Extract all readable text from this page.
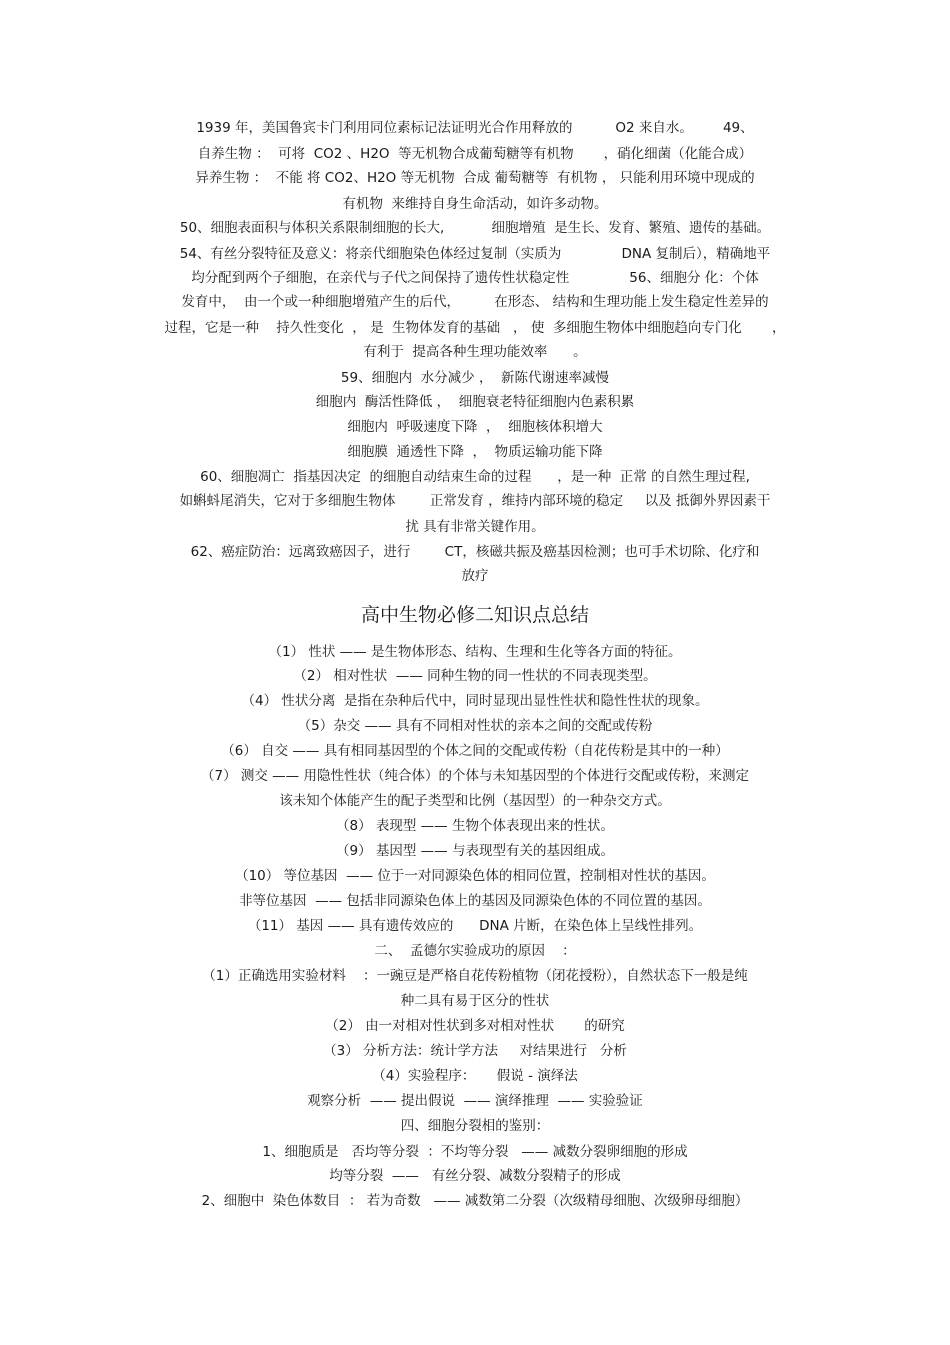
1939 年，美国鲁宾卡门利用同位素标记法证明光合作用释放的          O2 来自水。       49、
自养生物 ：  可将  CO2 、H2O  等无机物合成葡萄糖等有机物       ，硝化细菌（化能合成）
异养生物 ：  不能 将 CO2、H2O 等无机物  合成 葡萄糖等  有机物 ， 只能利用环境中现成的
有机物  来维持自身生命活动，如许多动物。
50、细胞表面积与体积关系限制细胞的长大,           细胞增殖  是生长、发育、繁殖、遗传的基础。
54、有丝分裂特征及意义：将亲代细胞染色体经过复制（实质为              DNA 复制后），精确地平
均分配到两个子细胞，在亲代与子代之间保持了遗传性状稳定性              56、细胞分 化：个体
发育中，  由一个或一种细胞增殖产生的后代，        在形态、 结构和生理功能上发生稳定性差异的
过程，它是一种    持久性变化  ， 是  生物体发育的基础   ， 使  多细胞生物体中细胞趋向专门化       ，
有利于  提高各种生理功能效率      。
59、细胞内  水分减少 ，  新陈代谢速率减慢
细胞内  酶活性降低 ，  细胞衰老特征细胞内色素积累
细胞内  呼吸速度下降  ，  细胞核体积增大
细胞膜  通透性下降  ，  物质运输功能下降
60、细胞凋亡  指基因决定  的细胞自动结束生命的过程      ，是一种  正常 的自然生理过程,
如蝌蚪尾消失，它对于多细胞生物体        正常发育 ，维持内部环境的稳定     以及 抵御外界因素干
扰 具有非常关键作用。
62、癌症防治：远离致癌因子，进行        CT，核磁共振及癌基因检测；也可手术切除、化疗和
放疗
高中生物必修二知识点总结
（1） 性状 —— 是生物体形态、结构、生理和生化等各方面的特征。
（2） 相对性状  —— 同种生物的同一性状的不同表现类型。
（4） 性状分离  是指在杂种后代中，同时显现出显性性状和隐性性状的现象。
（5）杂交 —— 具有不同相对性状的亲本之间的交配或传粉
（6） 自交 —— 具有相同基因型的个体之间的交配或传粉（自花传粉是其中的一种）
（7） 测交 —— 用隐性性状（纯合体）的个体与未知基因型的个体进行交配或传粉，来测定
该未知个体能产生的配子类型和比例（基因型）的一种杂交方式。
（8） 表现型 —— 生物个体表现出来的性状。
（9） 基因型 —— 与表现型有关的基因组成。
（10） 等位基因  —— 位于一对同源染色体的相同位置，控制相对性状的基因。
非等位基因  —— 包括非同源染色体上的基因及同源染色体的不同位置的基因。
（11） 基因 —— 具有遗传效应的      DNA 片断，在染色体上呈线性排列。
二、  孟德尔实验成功的原因    ：
（1）正确选用实验材料    ：一豌豆是严格自花传粉植物（闭花授粉），自然状态下一般是纯
种二具有易于区分的性状
（2） 由一对相对性状到多对相对性状       的研究
（3） 分析方法：统计学方法     对结果进行   分析
（4）实验程序：     假说 - 演绎法
观察分析  —— 提出假说  —— 演绎推理  —— 实验验证
四、细胞分裂相的鉴别：
1、细胞质是   否均等分裂  ：不均等分裂   —— 减数分裂卵细胞的形成
均等分裂  ——   有丝分裂、减数分裂精子的形成
2、细胞中  染色体数目  ： 若为奇数   —— 减数第二分裂（次级精母细胞、次级卵母细胞）
